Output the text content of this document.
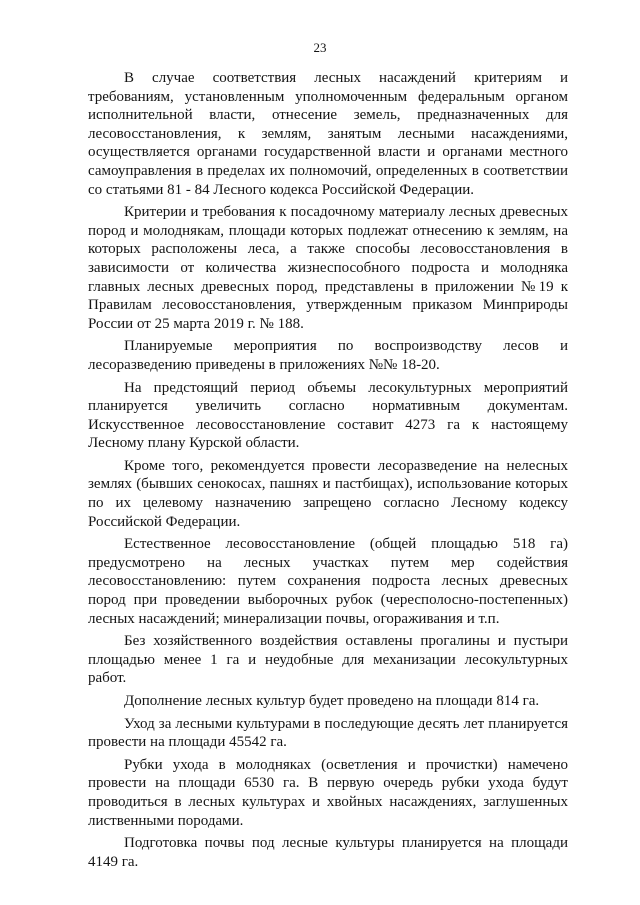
23

В случае соответствия лесных насаждений критериям и требованиям, установленным уполномоченным федеральным органом исполнительной власти, отнесение земель, предназначенных для лесовосстановления, к землям, занятым лесными насаждениями, осуществляется органами государственной власти и органами местного самоуправления в пределах их полномочий, определенных в соответствии со статьями 81 - 84 Лесного кодекса Российской Федерации.

Критерии и требования к посадочному материалу лесных древесных пород и молоднякам, площади которых подлежат отнесению к землям, на которых расположены леса, а также способы лесовосстановления в зависимости от количества жизнеспособного подроста и молодняка главных лесных древесных пород, представлены в приложении №19 к Правилам лесовосстановления, утвержденным приказом Минприроды России от 25 марта 2019 г. № 188.

Планируемые мероприятия по воспроизводству лесов и лесоразведению приведены в приложениях №№ 18-20.

На предстоящий период объемы лесокультурных мероприятий планируется увеличить согласно нормативным документам. Искусственное лесовосстановление составит 4273 га к настоящему Лесному плану Курской области.

Кроме того, рекомендуется провести лесоразведение на нелесных землях (бывших сенокосах, пашнях и пастбищах), использование которых по их целевому назначению запрещено согласно Лесному кодексу Российской Федерации.

Естественное лесовосстановление (общей площадью 518 га) предусмотрено на лесных участках путем мер содействия лесовосстановлению: путем сохранения подроста лесных древесных пород при проведении выборочных рубок (чересполосно-постепенных) лесных насаждений; минерализации почвы, огораживания и т.п.

Без хозяйственного воздействия оставлены прогалины и пустыри площадью менее 1 га и неудобные для механизации лесокультурных работ.

Дополнение лесных культур будет проведено на площади 814 га.

Уход за лесными культурами в последующие десять лет планируется провести на площади 45542 га.

Рубки ухода в молодняках (осветления и прочистки) намечено провести на площади 6530 га. В первую очередь рубки ухода будут проводиться в лесных культурах и хвойных насаждениях, заглушенных лиственными породами.

Подготовка почвы под лесные культуры планируется на площади 4149 га.
